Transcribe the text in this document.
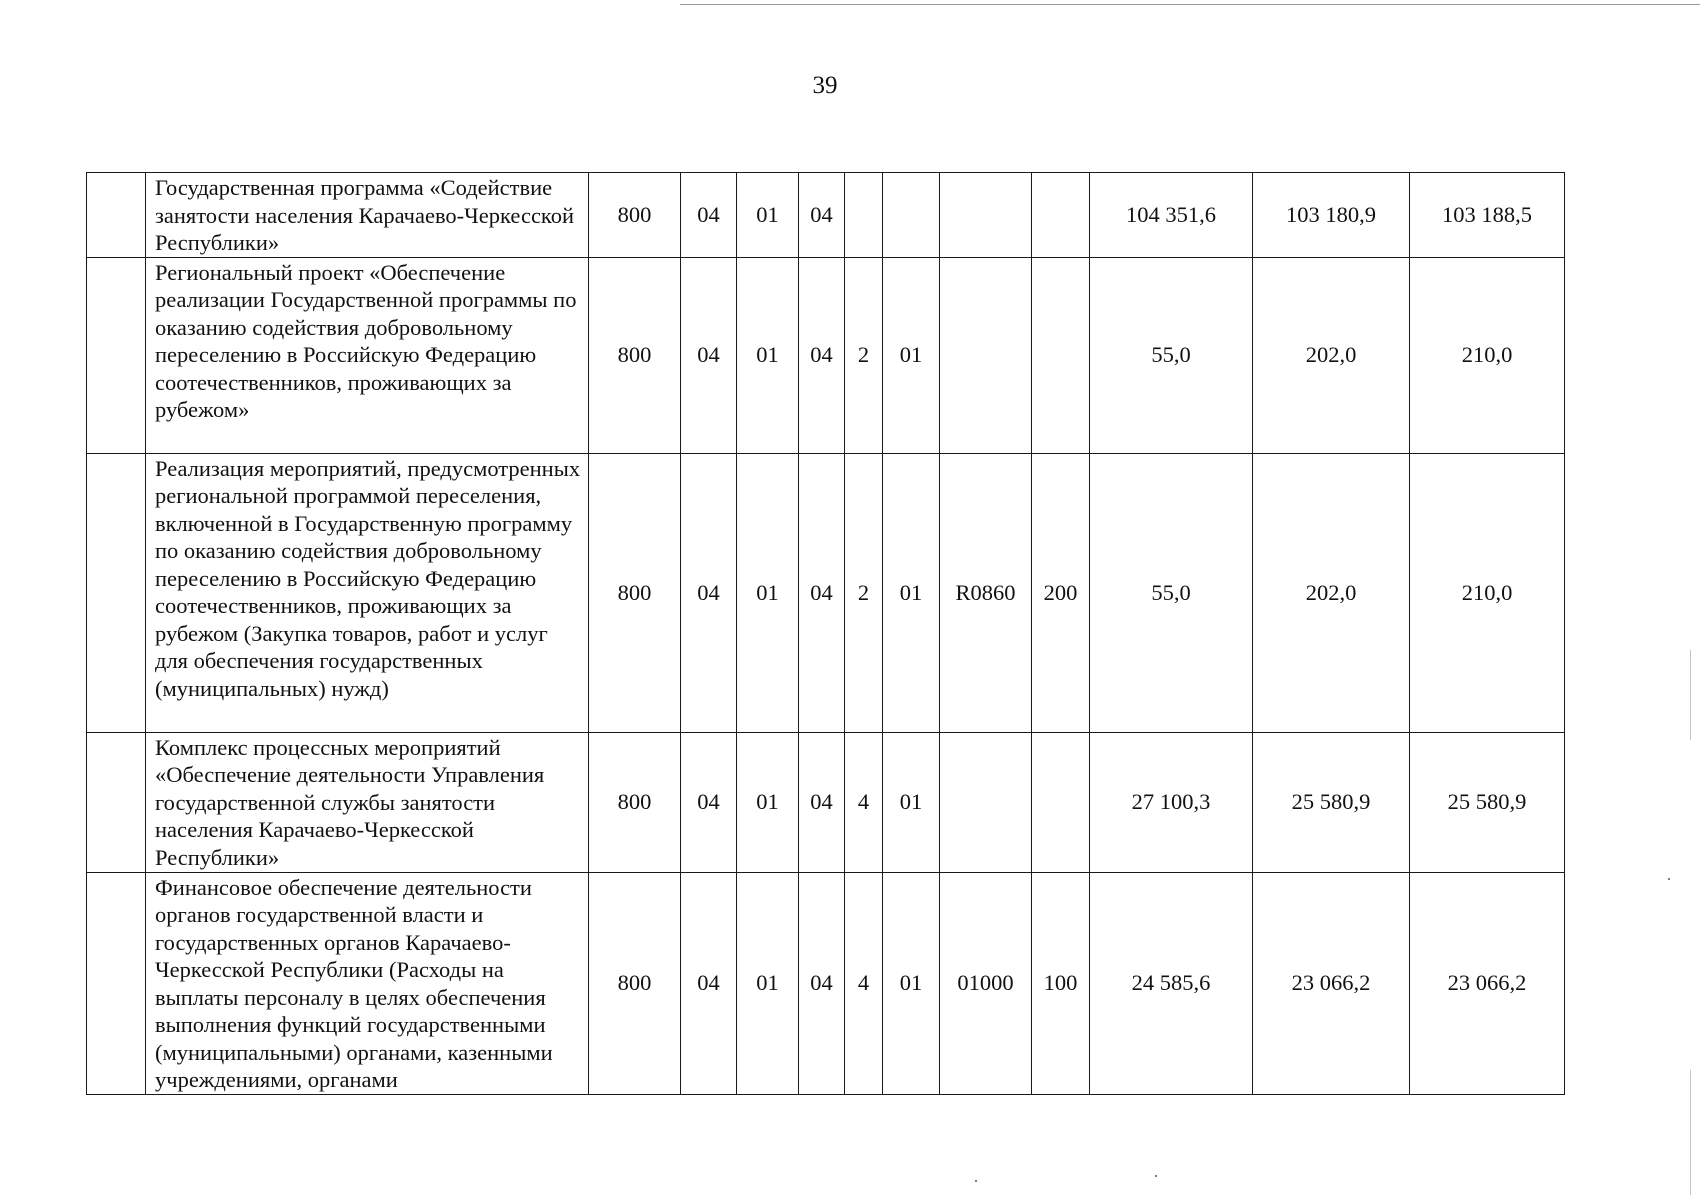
39
	Государственная программа «Содействие занятости населения Карачаево-Черкесской Республики»	800	04	01	04					104 351,6	103 180,9	103 188,5
	Региональный проект «Обеспечение реализации Государственной программы по оказанию содействия добровольному переселению в Российскую Федерацию соотечественников, проживающих за рубежом»	800	04	01	04	2	01			55,0	202,0	210,0
	Реализация мероприятий, предусмотренных региональной программой переселения, включенной в Государственную программу по оказанию содействия добровольному переселению в Российскую Федерацию соотечественников, проживающих за рубежом (Закупка товаров, работ и услуг для обеспечения государственных (муниципальных) нужд)	800	04	01	04	2	01	R0860	200	55,0	202,0	210,0
	Комплекс процессных мероприятий «Обеспечение деятельности Управления государственной службы занятости населения Карачаево-Черкесской Республики»	800	04	01	04	4	01			27 100,3	25 580,9	25 580,9
	Финансовое обеспечение деятельности органов государственной власти и государственных органов Карачаево-Черкесской Республики (Расходы на выплаты персоналу в целях обеспечения выполнения функций государственными (муниципальными) органами, казенными учреждениями, органами	800	04	01	04	4	01	01000	100	24 585,6	23 066,2	23 066,2
